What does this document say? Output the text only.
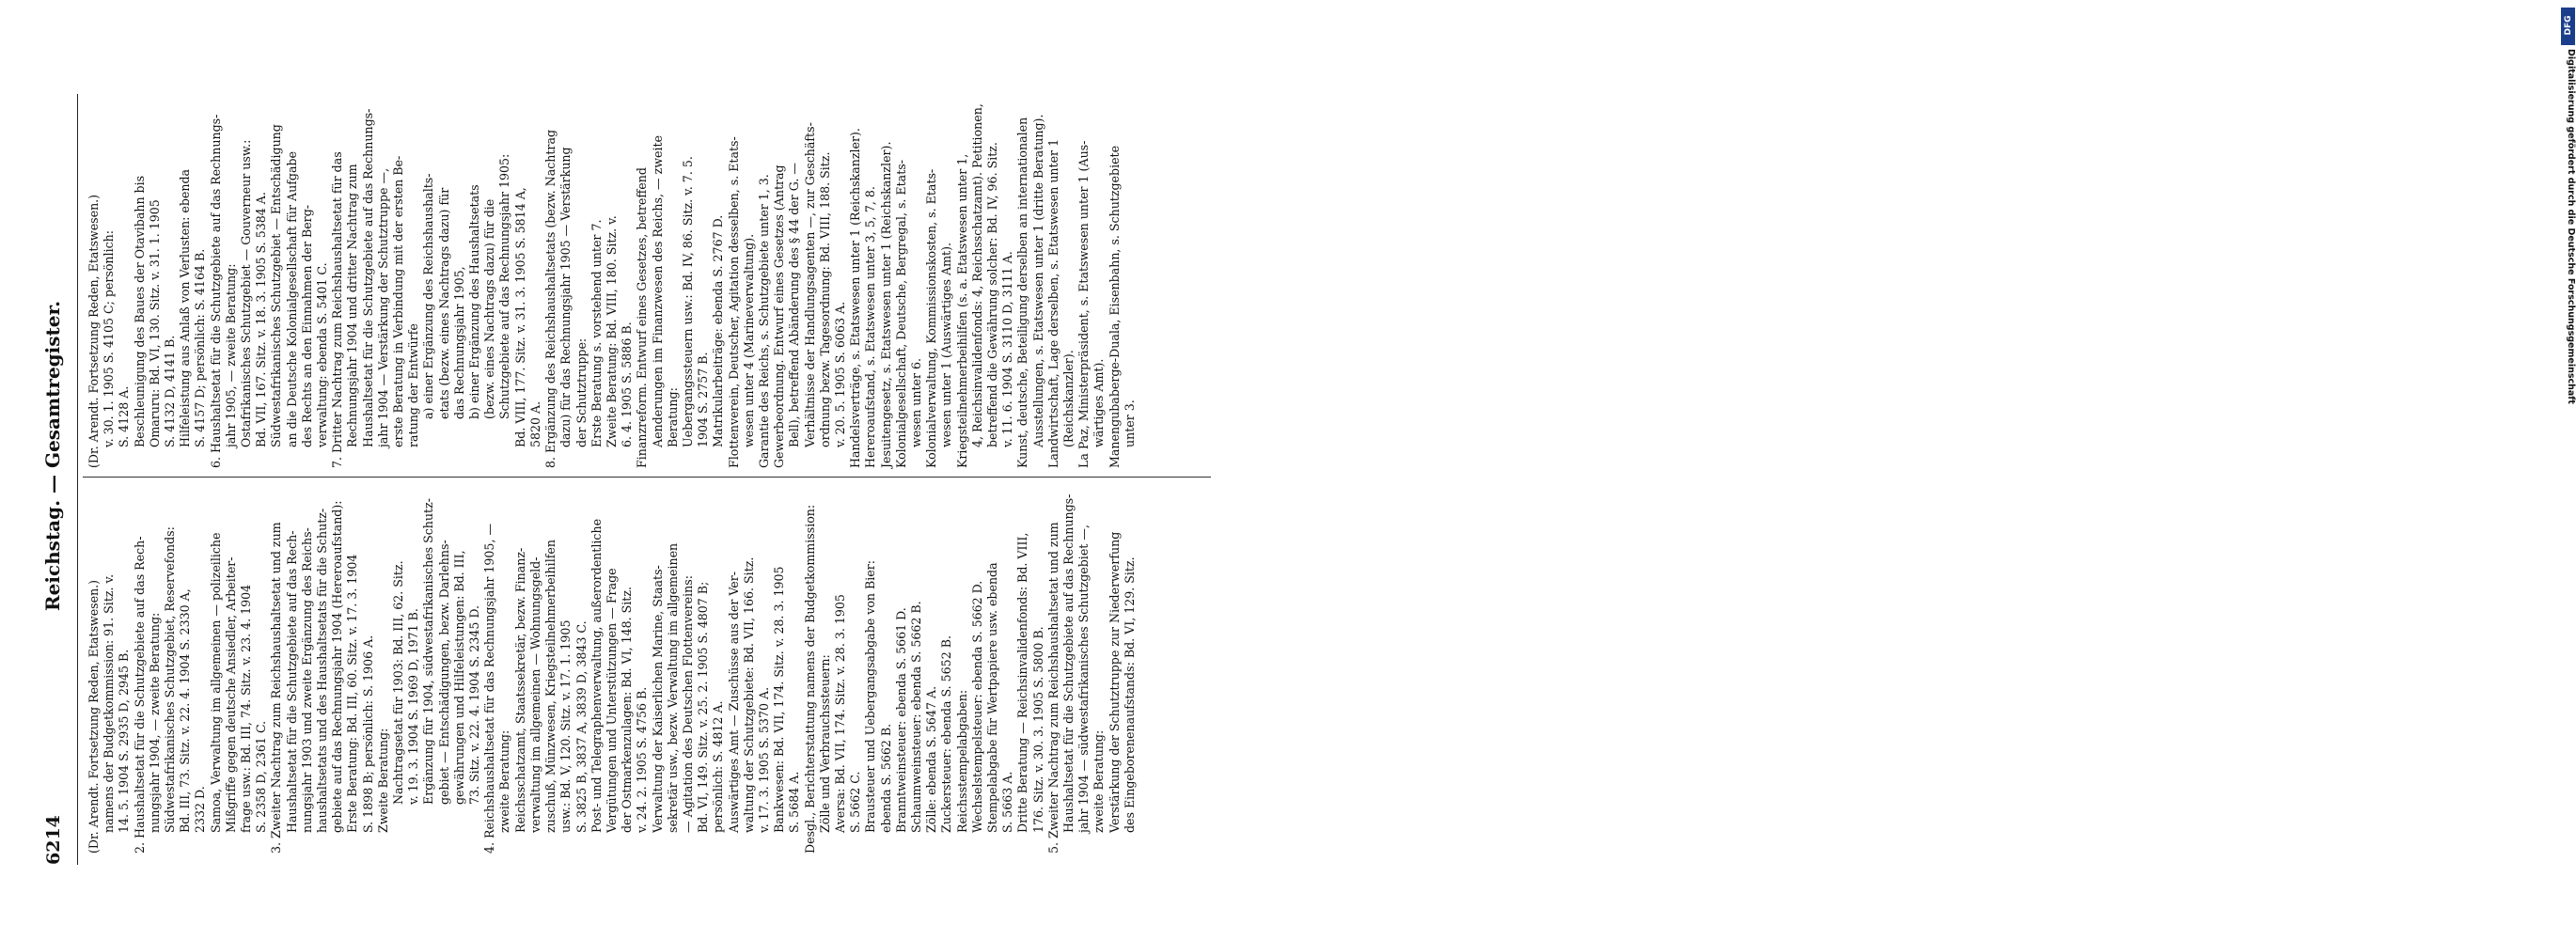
6214
Reichstag. — Gesamtregister.
(Dr. Arendt. Fortsetzung Reden, Etatswesen.) namens der Budgetkommission: 91. Sitz. v. 14. 5. 1904 S. 2935 D, 2945 B. 2. Haushaltsetat für die Schutzgebiete auf das Rech- nungsjahr 1904, — zweite Beratung: Südwestafrikanisches Schutzgebiet, Reservefonds: Bd. III, 73. Sitz. v. 22. 4. 1904 S. 2330 A, 2332 D. Samoa, Verwaltung im allgemeinen — polizeiliche Mißgriffe gegen deutsche Ansiedler, Arbeiter- frage usw.: Bd. III, 74. Sitz. v. 23. 4. 1904 S. 2358 D, 2361 C. 3. Zweiter Nachtrag zum Reichshaushaltsetat und zum Haushaltsetat für die Schutzgebiete auf das Rech- nungsjahr 1903 und zweite Ergänzung des Reichs- haushaltsetats und des Haushaltsetats für die Schutz- gebiete auf das Rechnungsjahr 1904 (Hereroaufstand): Erste Beratung: Bd. III, 60. Sitz. v. 17. 3. 1904 S. 1898 B; persönlich: S. 1906 A. Zweite Beratung: Nachtragsetat für 1903: Bd. III, 62. Sitz. v. 19. 3. 1904 S. 1969 D, 1971 B. Ergänzung für 1904, südwestafrikanisches Schutz- gebiet — Entschädigungen, bezw. Darlehns- gewährungen und Hilfeleistungen: Bd. III, 73. Sitz. v. 22. 4. 1904 S. 2345 D. 4. Reichshaushaltsetat für das Rechnungsjahr 1905, — zweite Beratung: Reichsschatzamt, Staatssekretär, bezw. Finanz- verwaltung im allgemeinen — Wohnungsgeld- zuschuß, Münzwesen, Kriegsteilnehmerbeihilfen usw.: Bd. V, 120. Sitz. v. 17. 1. 1905 S. 3825 B, 3837 A, 3839 D, 3843 C. Post- und Telegraphenverwaltung, außerordentliche Vergütungen und Unterstützungen — Frage der Ostmarkenzulagen: Bd. VI, 148. Sitz. v. 24. 2. 1905 S. 4756 B. Verwaltung der Kaiserlichen Marine, Staats- sekretär usw., bezw. Verwaltung im allgemeinen — Agitation des Deutschen Flottenvereins: Bd. VI, 149. Sitz. v. 25. 2. 1905 S. 4807 B; persönlich: S. 4812 A. Auswärtiges Amt — Zuschüsse aus der Ver- waltung der Schutzgebiete: Bd. VII, 166. Sitz. v. 17. 3. 1905 S. 5370 A. Bankwesen: Bd. VII, 174. Sitz. v. 28. 3. 1905 S. 5684 A. Desgl., Berichterstattung namens der Budgetkommission: Zölle und Verbrauchssteuern: Aversa: Bd. VII, 174. Sitz. v. 28. 3. 1905 S. 5662 C. Brausteuer und Uebergangsabgabe von Bier: ebenda S. 5662 B. Branntweinsteuer: ebenda S. 5661 D. Schaumweinsteuer: ebenda S. 5662 B. Zölle: ebenda S. 5647 A. Zuckersteuer: ebenda S. 5652 B. Reichsstempelabgaben: Wechselstempelsteuer: ebenda S. 5662 D. Stempelabgabe für Wertpapiere usw. ebenda S. 5663 A. Dritte Beratung — Reichsinvalidenfonds: Bd. VIII, 176. Sitz. v. 30. 3. 1905 S. 5800 B. 5. Zweiter Nachtrag zum Reichshaushaltsetat und zum Haushaltsetat für die Schutzgebiete auf das Rechnungs- jahr 1904 — südwestafrikanisches Schutzgebiet —, zweite Beratung: Verstärkung der Schutztruppe zur Niederwerfung des Eingeborenenaufstands: Bd. VI, 129. Sitz.
(Dr. Arendt. Fortsetzung Reden, Etatswesen.) v. 30. 1. 1905 S. 4105 C; persönlich: S. 4128 A. Beschleunigung des Baues der Otavibahn bis Omaruru: Bd. VI, 130. Sitz. v. 31. 1. 1905 S. 4132 D, 4141 B. Hilfeleistung aus Anlaß von Verlusten: ebenda S. 4157 D; persönlich: S. 4164 B. 6. Haushaltsetat für die Schutzgebiete auf das Rechnungs- jahr 1905, — zweite Beratung: Ostafrikanisches Schutzgebiet — Gouverneur usw.: Bd. VII, 167. Sitz. v. 18. 3. 1905 S. 5384 A. Südwestafrikanisches Schutzgebiet — Entschädigung an die Deutsche Kolonialgesellschaft für Aufgabe des Rechts an den Einnahmen der Berg- verwaltung: ebenda S. 5401 C. 7. Dritter Nachtrag zum Reichshaushaltsetat für das Rechnungsjahr 1904 und dritter Nachtrag zum Haushaltsetat für die Schutzgebiete auf das Rechnungs- jahr 1904 — Verstärkung der Schutztruppe —, erste Beratung in Verbindung mit der ersten Be- ratung der Entwürfe a) einer Ergänzung des Reichshaushalts- etats (bezw. eines Nachtrags dazu) für das Rechnungsjahr 1905, b) einer Ergänzung des Haushaltsetats (bezw. eines Nachtrags dazu) für die Schutzgebiete auf das Rechnungsjahr 1905: Bd. VIII, 177. Sitz. v. 31. 3. 1905 S. 5814 A, 5820 A. 8. Ergänzung des Reichshaushaltsetats (bezw. Nachtrag dazu) für das Rechnungsjahr 1905 — Verstärkung der Schutztruppe: Erste Beratung s. vorstehend unter 7. Zweite Beratung: Bd. VIII, 180. Sitz. v. 6. 4. 1905 S. 5886 B. Finanzreform. Entwurf eines Gesetzes, betreffend Aenderungen im Finanzwesen des Reichs, — zweite Beratung: Uebergangssteuern usw.: Bd. IV, 86. Sitz. v. 7. 5. 1904 S. 2757 B. Matrikularbeiträge: ebenda S. 2767 D. Flottenverein, Deutscher, Agitation desselben, s. Etats- wesen unter 4 (Marineverwaltung). Garantie des Reichs, s. Schutzgebiete unter 1, 3. Gewerbeordnung. Entwurf eines Gesetzes (Antrag Bell), betreffend Abänderung des § 44 der G. — Verhältnisse der Handlungsagenten —, zur Geschäfts- ordnung bezw. Tagesordnung: Bd. VIII, 188. Sitz. v. 20. 5. 1905 S. 6063 A. Handelsverträge, s. Etatswesen unter 1 (Reichskanzler). Hereroaufstand, s. Etatswesen unter 3, 5, 7, 8. Jesuitengesetz, s. Etatswesen unter 1 (Reichskanzler). Kolonialgesellschaft, Deutsche, Bergregal, s. Etats- wesen unter 6. Kolonialverwaltung, Kommissionskosten, s. Etats- wesen unter 1 (Auswärtiges Amt). Kriegsteilnehmerbeihilfen (s. a. Etatswesen unter 1, 4, Reichsinvalidenfonds: 4, Reichsschatzamt). Petitionen, betreffend die Gewährung solcher: Bd. IV, 96. Sitz. v. 11. 6. 1904 S. 3110 D, 3111 A. Kunst, deutsche, Beteiligung derselben an internationalen Ausstellungen, s. Etatswesen unter 1 (dritte Beratung). Landwirtschaft, Lage derselben, s. Etatswesen unter 1 (Reichskanzler). La Paz, Ministerpräsident, s. Etatswesen unter 1 (Aus- wärtiges Amt). Manengubaberge-Duala, Eisenbahn, s. Schutzgebiete unter 3.
DFG
Digitalisierung gefördert durch die Deutsche Forschungsgemeinschaft
